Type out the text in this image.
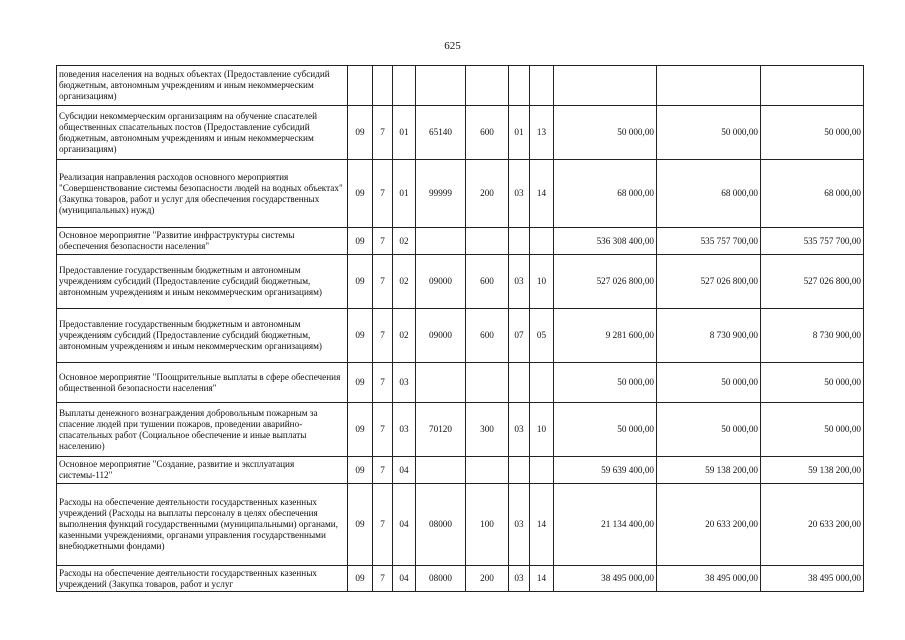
625
поведения населения на водных объектах (Предоставление субсидий бюджетным, автономным учреждениям и иным некоммерческим организациям)										
Субсидии некоммерческим организациям на обучение спасателей общественных спасательных постов (Предоставление субсидий бюджетным, автономным учреждениям и иным некоммерческим организациям)	09	7	01	65140	600	01	13	50 000,00	50 000,00	50 000,00
Реализация направления расходов основного мероприятия "Совершенствование системы безопасности людей на водных объектах" (Закупка товаров, работ и услуг для обеспечения государственных (муниципальных) нужд)	09	7	01	99999	200	03	14	68 000,00	68 000,00	68 000,00
Основное мероприятие "Развитие инфраструктуры системы обеспечения безопасности населения"	09	7	02					536 308 400,00	535 757 700,00	535 757 700,00
Предоставление государственным бюджетным и автономным учреждениям субсидий (Предоставление субсидий бюджетным, автономным учреждениям и иным некоммерческим организациям)	09	7	02	09000	600	03	10	527 026 800,00	527 026 800,00	527 026 800,00
Предоставление государственным бюджетным и автономным учреждениям субсидий (Предоставление субсидий бюджетным, автономным учреждениям и иным некоммерческим организациям)	09	7	02	09000	600	07	05	9 281 600,00	8 730 900,00	8 730 900,00
Основное мероприятие "Поощрительные выплаты в сфере обеспечения общественной безопасности населения"	09	7	03					50 000,00	50 000,00	50 000,00
Выплаты денежного вознаграждения добровольным пожарным за спасение людей при тушении пожаров, проведении аварийно-спасательных работ (Социальное обеспечение и иные выплаты населению)	09	7	03	70120	300	03	10	50 000,00	50 000,00	50 000,00
Основное мероприятие "Создание, развитие и эксплуатация системы-112"	09	7	04					59 639 400,00	59 138 200,00	59 138 200,00
Расходы на обеспечение деятельности государственных казенных учреждений (Расходы на выплаты персоналу в целях обеспечения выполнения функций государственными (муниципальными) органами, казенными учреждениями, органами управления государственными внебюджетными фондами)	09	7	04	08000	100	03	14	21 134 400,00	20 633 200,00	20 633 200,00
Расходы на обеспечение деятельности государственных казенных учреждений (Закупка товаров, работ и услуг	09	7	04	08000	200	03	14	38 495 000,00	38 495 000,00	38 495 000,00
